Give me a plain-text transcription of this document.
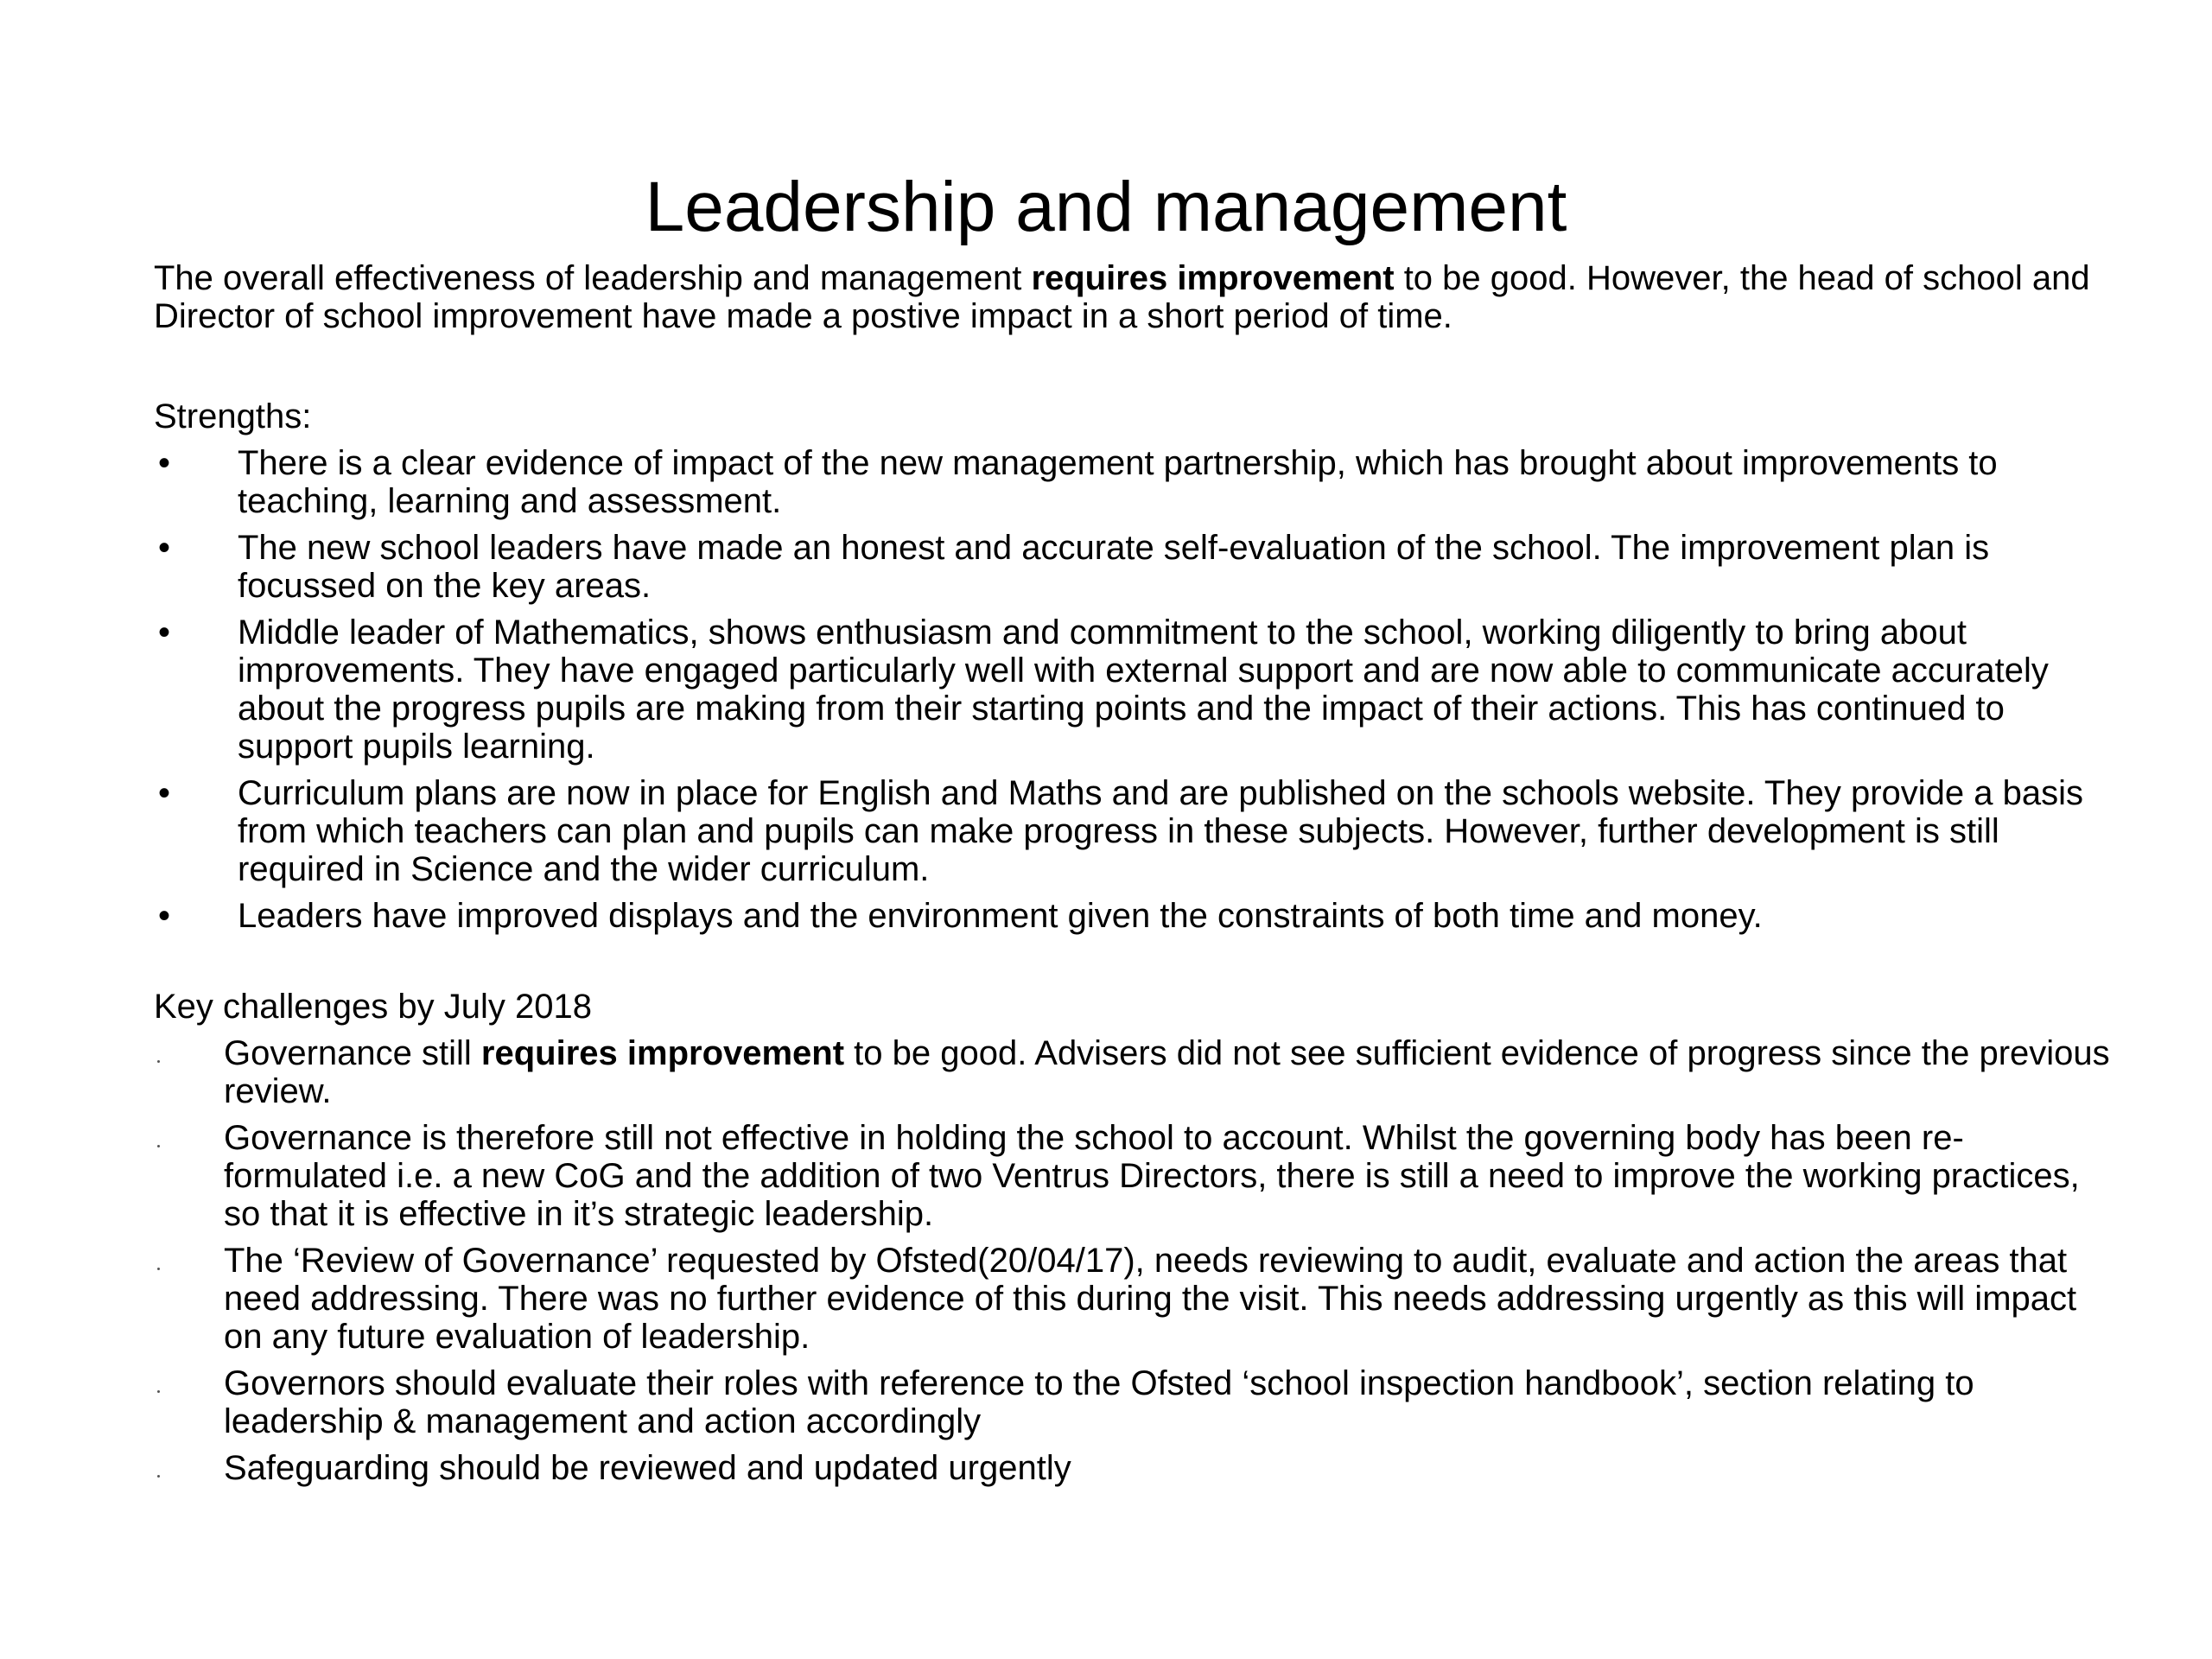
Leadership and management

The overall effectiveness of leadership and management requires improvement to be good. However, the head of school and Director of school improvement have made a postive impact in a short period of time.

Strengths:

•	There is a clear evidence of impact of the new management partnership, which has brought about improvements to teaching, learning and assessment.
•	The new school leaders have made an honest and accurate self-evaluation of the school. The improvement plan is focussed on the key areas.
•	Middle leader of Mathematics, shows enthusiasm and commitment to the school, working diligently to bring about improvements. They have engaged particularly well with external support and are now able to communicate accurately about the progress pupils are making from their starting points and the impact of their actions. This has continued to support pupils learning.
•	Curriculum plans are now in place for English and Maths and are published on the schools website. They provide a basis from which teachers can plan and pupils can make progress in these subjects. However, further development is still required in Science and the wider curriculum.
•	Leaders have improved displays and the environment given the constraints of both time and money.

Key challenges by July 2018

Governance still requires improvement to be good. Advisers did not see sufficient evidence of progress since the previous review.
Governance is therefore still not effective in holding the school to account. Whilst the governing body has been re-formulated i.e. a new CoG and the addition of two Ventrus Directors, there is still a need to improve the working practices, so that it is effective in it’s strategic leadership.
The ‘Review of Governance’ requested by Ofsted(20/04/17), needs reviewing to audit, evaluate and action the areas that need addressing. There was no further evidence of this during the visit. This needs addressing urgently as this will impact on any future evaluation of leadership.
Governors should evaluate their roles with reference to the Ofsted ‘school inspection handbook’, section relating to leadership & management and action accordingly
Safeguarding should be reviewed and updated urgently
